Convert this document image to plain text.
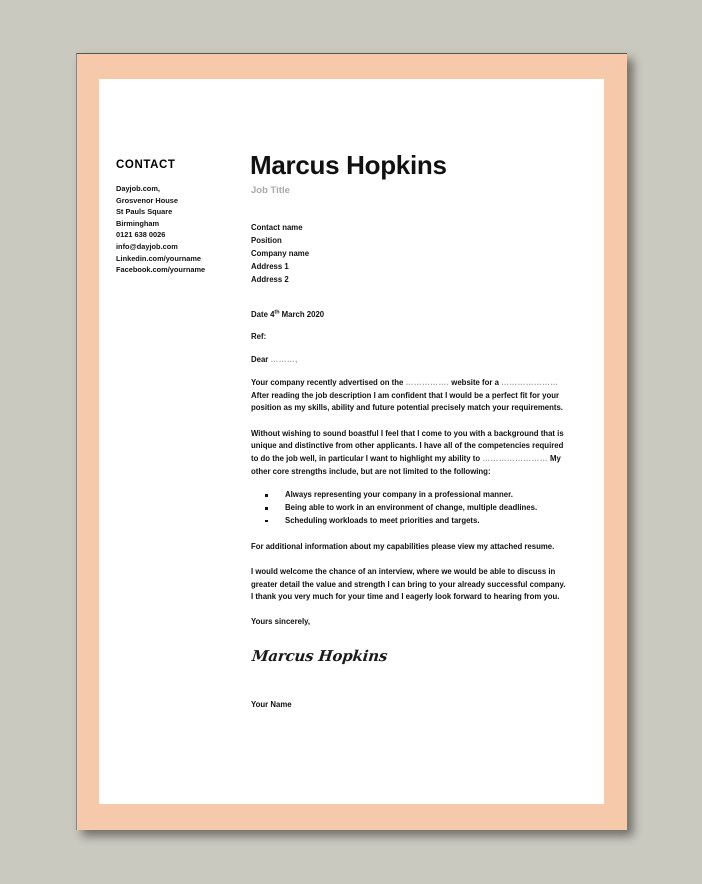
CONTACT
Dayjob.com,
Grosvenor House
St Pauls Square
Birmingham
0121 638 0026
info@dayjob.com
Linkedin.com/yourname
Facebook.com/yourname
Marcus Hopkins
Job Title
Contact name
Position
Company name
Address 1
Address 2
Date 4th March 2020
Ref:
Dear ………,

Your company recently advertised on the ……………. website for a ………………… After reading the job description I am confident that I would be a perfect fit for your position as my skills, ability and future potential precisely match your requirements.

Without wishing to sound boastful I feel that I come to you with a background that is unique and distinctive from other applicants. I have all of the competencies required to do the job well, in particular I want to highlight my ability to …………………… My other core strengths include, but are not limited to the following:

Always representing your company in a professional manner.
Being able to work in an environment of change, multiple deadlines.
Scheduling workloads to meet priorities and targets.

For additional information about my capabilities please view my attached resume.

I would welcome the chance of an interview, where we would be able to discuss in greater detail the value and strength I can bring to your already successful company. I thank you very much for your time and I eagerly look forward to hearing from you.

Yours sincerely,
Marcus Hopkins
Your Name
